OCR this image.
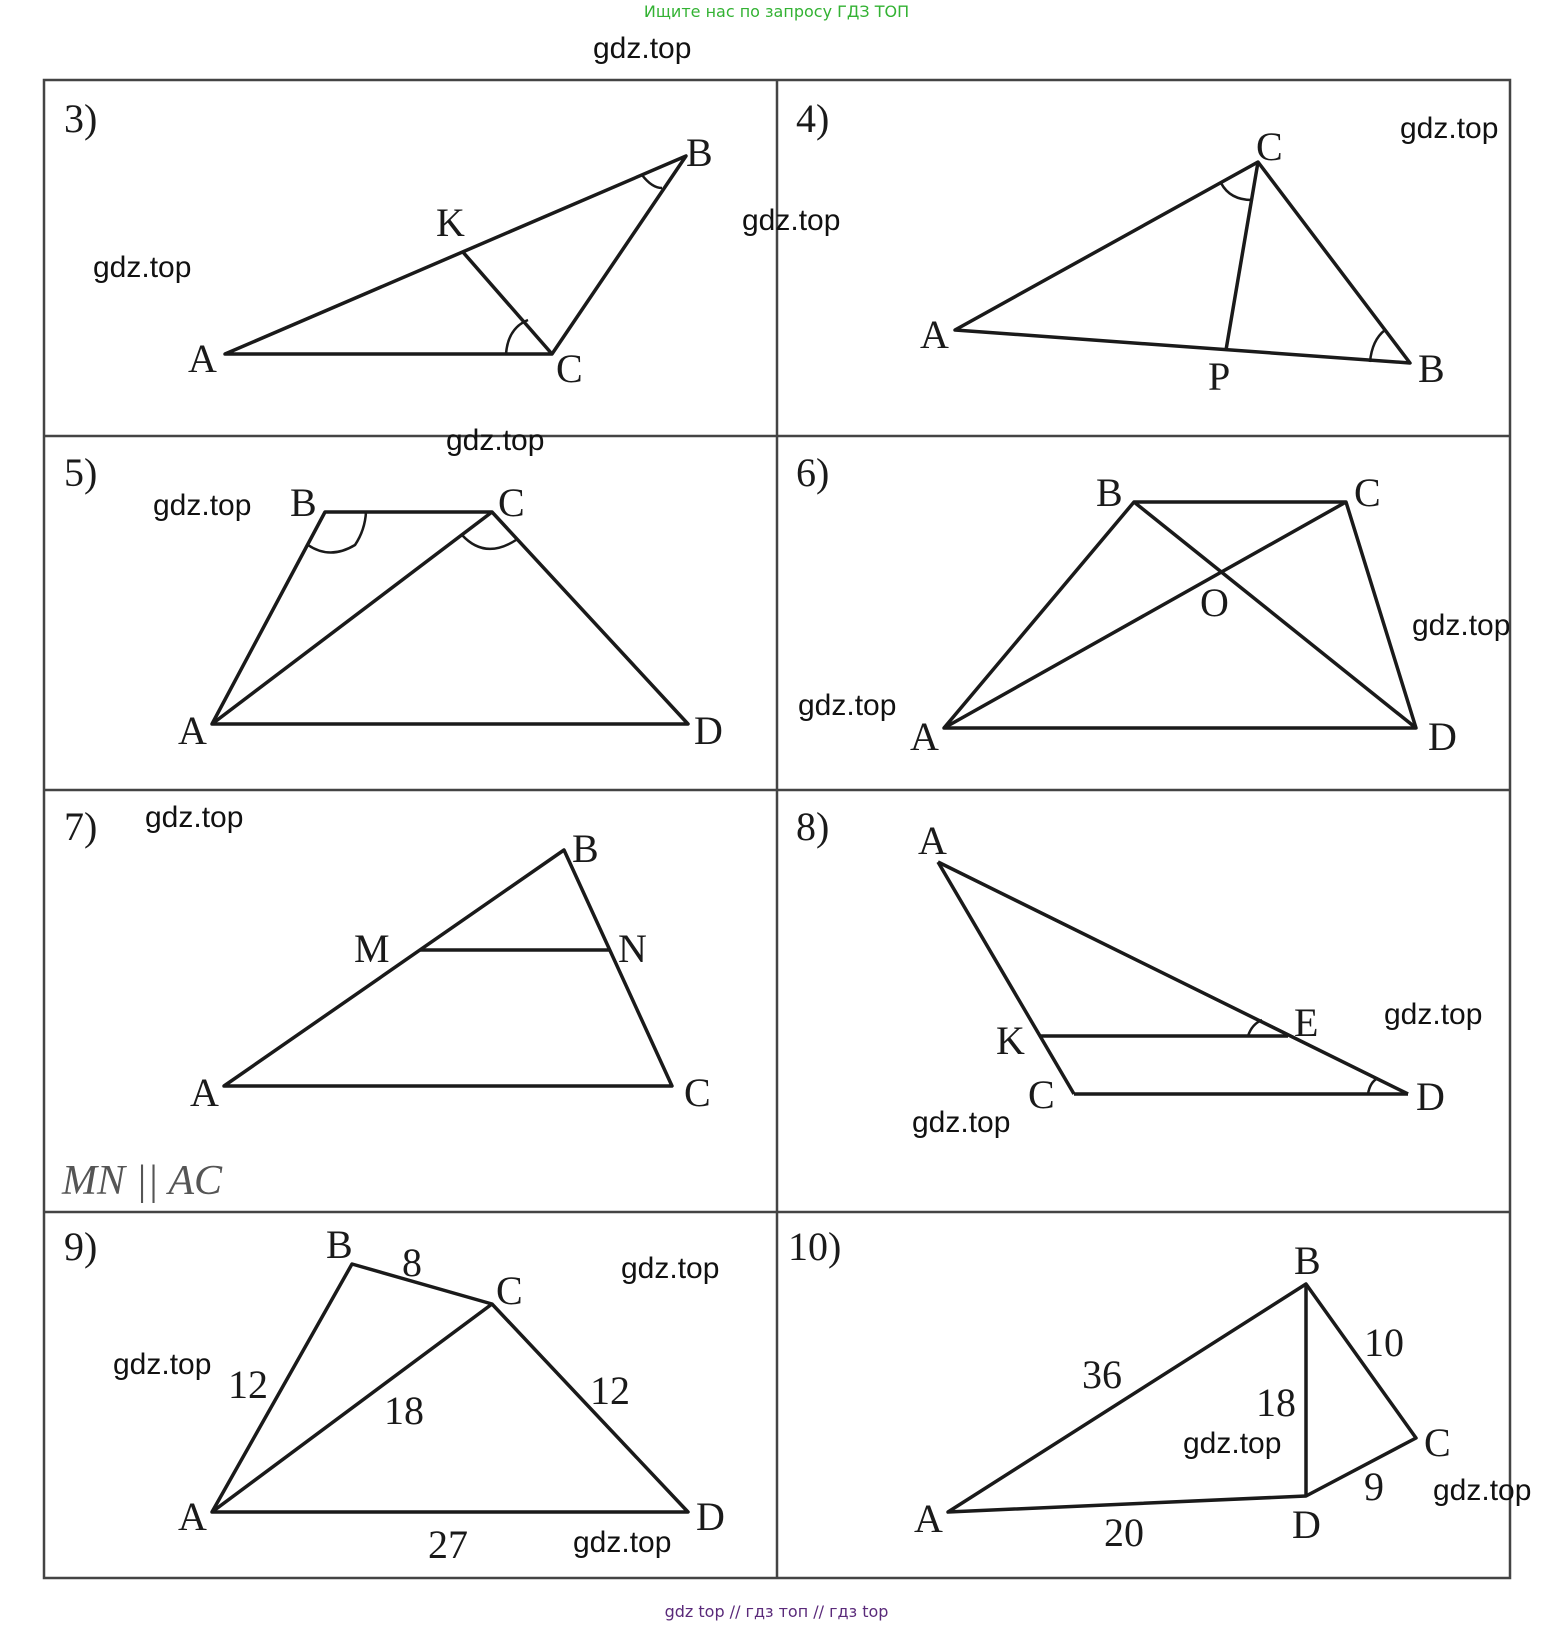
Ищите нас по запросу ГДЗ ТОП
3)
A
B
C
K
4)
A
B
C
P
5)
A
B	C
D
6)
A
B	C
D
O
7)
A
B
C
M	N
MN || AC
8) A
K	E
C	D
9)
A
B
C
D
8
12
18	12
27
10)
A
B
C
D
36
10
18
9
20
gdz.top
gdz.top
gdz.top
gdz.top
gdz.top
gdz.top
gdz.top
gdz.top
gdz.top
gdz.top
gdz.top
gdz.top
gdz.top
gdz.top
gdz.top
gdz.top
gdz top // гдз топ // гдз top
